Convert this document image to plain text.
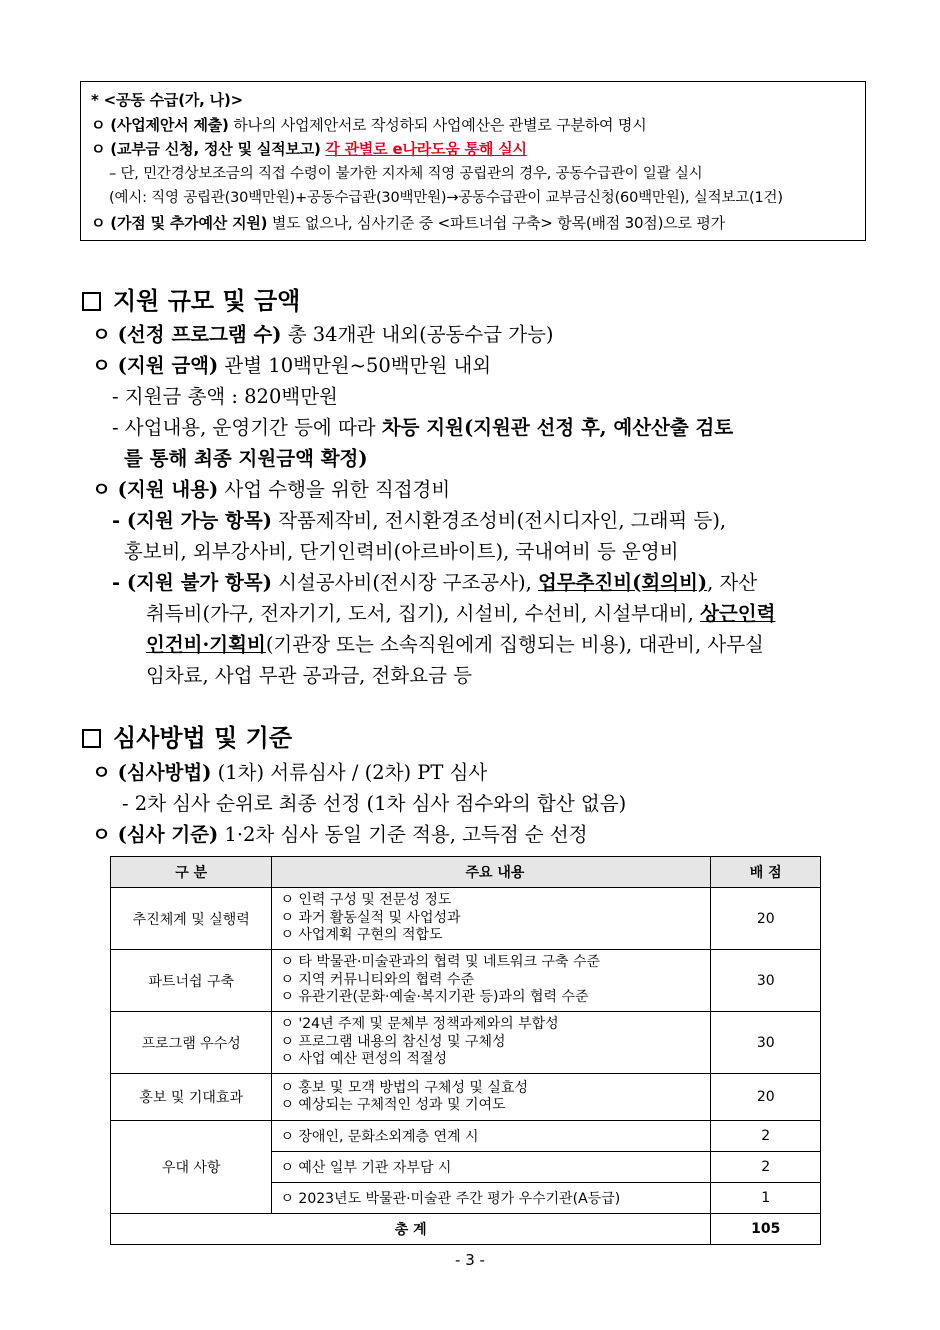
* <공동 수급(가, 나)>
ㅇ (사업제안서 제출) 하나의 사업제안서로 작성하되 사업예산은 관별로 구분하여 명시
ㅇ (교부금 신청, 정산 및 실적보고) 각 관별로 e나라도움 통해 실시
– 단, 민간경상보조금의 직접 수령이 불가한 지자체 직영 공립관의 경우, 공동수급관이 일괄 실시
(예시: 직영 공립관(30백만원)+공동수급관(30백만원)→공동수급관이 교부금신청(60백만원), 실적보고(1건)
ㅇ (가점 및 추가예산 지원) 별도 없으나, 심사기준 중 <파트너쉽 구축> 항목(배점 30점)으로 평가
지원 규모 및 금액
ㅇ (선정 프로그램 수) 총 34개관 내외(공동수급 가능)
ㅇ (지원 금액) 관별 10백만원~50백만원 내외
- 지원금 총액 : 820백만원
- 사업내용, 운영기간 등에 따라 차등 지원(지원관 선정 후, 예산산출 검토
를 통해 최종 지원금액 확정)
ㅇ (지원 내용) 사업 수행을 위한 직접경비
- (지원 가능 항목) 작품제작비, 전시환경조성비(전시디자인, 그래픽 등),
홍보비, 외부강사비, 단기인력비(아르바이트), 국내여비 등 운영비
- (지원 불가 항목) 시설공사비(전시장 구조공사), 업무추진비(회의비), 자산
취득비(가구, 전자기기, 도서, 집기), 시설비, 수선비, 시설부대비, 상근인력
인건비·기획비(기관장 또는 소속직원에게 집행되는 비용), 대관비, 사무실
임차료, 사업 무관 공과금, 전화요금 등
심사방법 및 기준
ㅇ (심사방법) (1차) 서류심사 / (2차) PT 심사
- 2차 심사 순위로 최종 선정 (1차 심사 점수와의 합산 없음)
ㅇ (심사 기준) 1·2차 심사 동일 기준 적용, 고득점 순 선정
구 분	주요 내용	배 점
추진체계 및 실행력	ㅇ 인력 구성 및 전문성 정도
ㅇ 과거 활동실적 및 사업성과
ㅇ 사업계획 구현의 적합도	20
파트너쉽 구축	ㅇ 타 박물관·미술관과의 협력 및 네트워크 구축 수준
ㅇ 지역 커뮤니티와의 협력 수준
ㅇ 유관기관(문화·예술·복지기관 등)과의 협력 수준	30
프로그램 우수성	ㅇ '24년 주제 및 문체부 정책과제와의 부합성
ㅇ 프로그램 내용의 참신성 및 구체성
ㅇ 사업 예산 편성의 적절성	30
홍보 및 기대효과	ㅇ 홍보 및 모객 방법의 구체성 및 실효성
ㅇ 예상되는 구체적인 성과 및 기여도	20
우대 사항	ㅇ 장애인, 문화소외계층 연계 시	2
	ㅇ 예산 일부 기관 자부담 시	2
	ㅇ 2023년도 박물관·미술관 주간 평가 우수기관(A등급)	1
총 계		105
- 3 -
